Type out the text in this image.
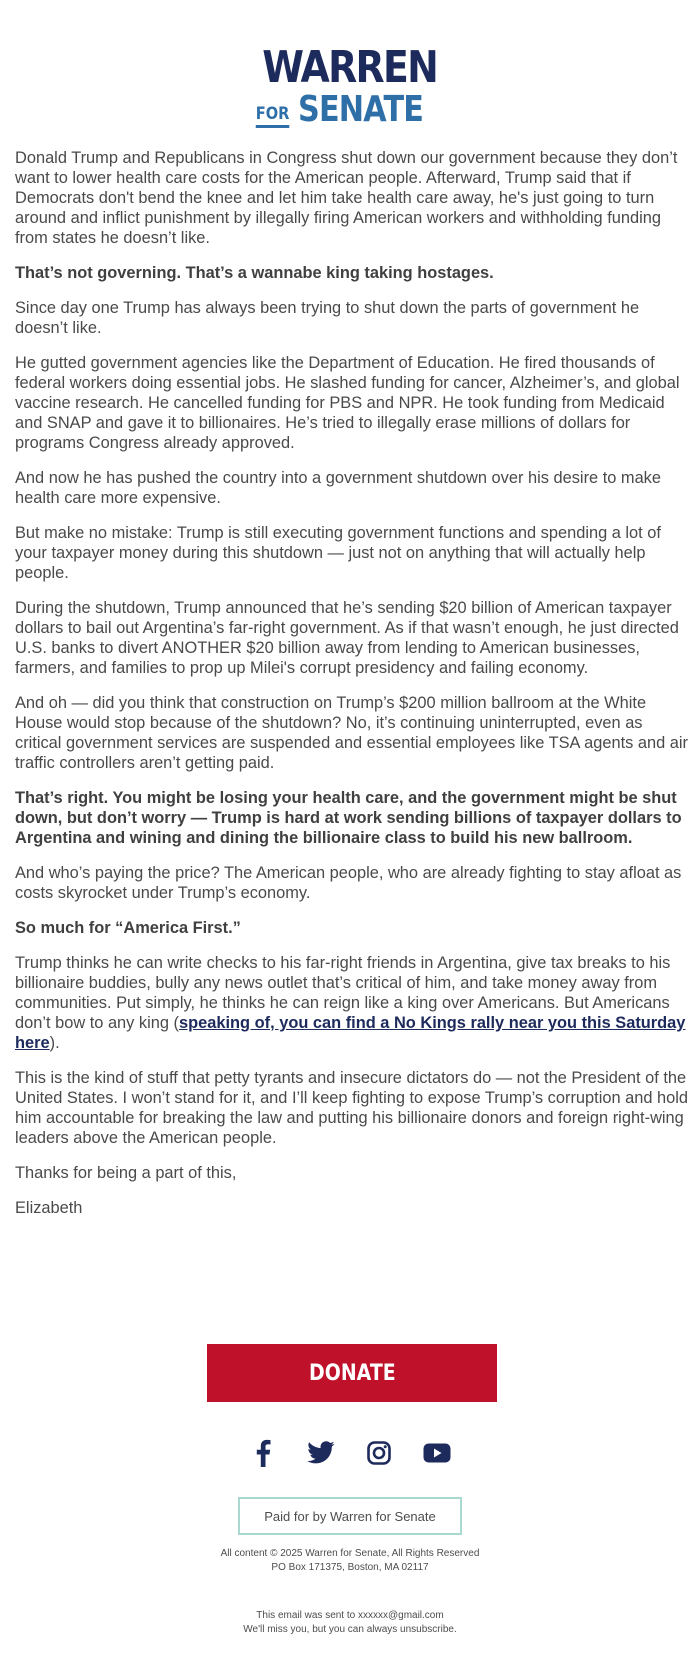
WARREN
FOR SENATE

Donald Trump and Republicans in Congress shut down our government because they don’t want to lower health care costs for the American people. Afterward, Trump said that if Democrats don't bend the knee and let him take health care away, he's just going to turn around and inflict punishment by illegally firing American workers and withholding funding from states he doesn’t like.

That’s not governing. That’s a wannabe king taking hostages.

Since day one Trump has always been trying to shut down the parts of government he doesn’t like.

He gutted government agencies like the Department of Education. He fired thousands of federal workers doing essential jobs. He slashed funding for cancer, Alzheimer’s, and global vaccine research. He cancelled funding for PBS and NPR. He took funding from Medicaid and SNAP and gave it to billionaires. He’s tried to illegally erase millions of dollars for programs Congress already approved.

And now he has pushed the country into a government shutdown over his desire to make health care more expensive.

But make no mistake: Trump is still executing government functions and spending a lot of your taxpayer money during this shutdown — just not on anything that will actually help people.

During the shutdown, Trump announced that he’s sending $20 billion of American taxpayer dollars to bail out Argentina’s far-right government. As if that wasn’t enough, he just directed U.S. banks to divert ANOTHER $20 billion away from lending to American businesses, farmers, and families to prop up Milei's corrupt presidency and failing economy.

And oh — did you think that construction on Trump’s $200 million ballroom at the White House would stop because of the shutdown? No, it’s continuing uninterrupted, even as critical government services are suspended and essential employees like TSA agents and air traffic controllers aren’t getting paid.

That’s right. You might be losing your health care, and the government might be shut down, but don’t worry — Trump is hard at work sending billions of taxpayer dollars to Argentina and wining and dining the billionaire class to build his new ballroom.

And who’s paying the price? The American people, who are already fighting to stay afloat as costs skyrocket under Trump’s economy.

So much for “America First.”

Trump thinks he can write checks to his far-right friends in Argentina, give tax breaks to his billionaire buddies, bully any news outlet that’s critical of him, and take money away from communities. Put simply, he thinks he can reign like a king over Americans. But Americans don’t bow to any king (speaking of, you can find a No Kings rally near you this Saturday here).

This is the kind of stuff that petty tyrants and insecure dictators do — not the President of the United States. I won’t stand for it, and I’ll keep fighting to expose Trump’s corruption and hold him accountable for breaking the law and putting his billionaire donors and foreign right-wing leaders above the American people.

Thanks for being a part of this,

Elizabeth

DONATE
Paid for by Warren for Senate
All content © 2025 Warren for Senate, All Rights Reserved
PO Box 171375, Boston, MA 02117
This email was sent to xxxxxx@gmail.com
We'll miss you, but you can always unsubscribe.
